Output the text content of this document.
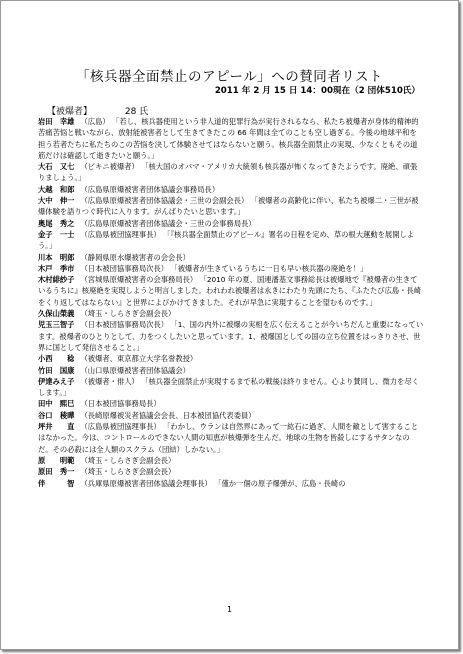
「核兵器全面禁止のアピール」への賛同者リスト
2011 年 2 月 15 日 14：00現在（2 団体510氏）
【被爆者】	28 氏

岩田　幸雄 （広島） 「若し、核兵器使用という非人道的犯罪行為が実行されるなら、私たち被爆者が身体的精神的苦痛苦悩と戦いながら、放射能被害者として生きてきたこの 66 年間は全てのことも空し過ぎる。今後の地球平和を担う若者たちに私たちのこの苦悩を決して体験させてはならないと願う。核兵器全面禁止の実現、少なくともその道筋だけは確認して逝きたいと願う。」

大石　又七 （ビキニ被爆者） 「核大国のオバマ・アメリカ大統領も核兵器が怖くなってきたようです。廃絶、頑張りましょう。」

大越　和郎 （広島県原爆被害者団体協議会事務局長）

大中　伸一 （広島県原爆被害者団体協議会・三世の会副会長） 「被爆者の高齢化に伴い、私たち被爆二・三世が被爆体験を語りつぐ時代に入ります。がんばりたいと思います。」

奥尾　秀之 （広島県原爆被害者団体協議会・三世の会事務局長）

金子　一士 （広島県被団協理事長） 「『核兵器全面禁止のアピール』署名の日程を定め、草の根大運動を展開しよう。」

川本　明郎 （静岡県原水爆被害者の会会長）

木戸　季市 （日本被団協事務局次長） 「被爆者が生きているうちに一日も早い核兵器の廃絶を！」

木村緋紗子 （宮城県原爆被害者の会事務局長） 「2010 年の夏、国連潘基文事務総長は被爆地で『被爆者の生きているうちに』核廃絶を実現しようと明言しました。われわれ被爆者は永きにわたり先頭にたち、『ふたたび広島・長崎をくり返してはならない』と世界によびかけてきました。それが早急に実現することを望むものです。」

久保山榮義 （埼玉・しらさぎ会副会長）

児玉三智子 （日本被団協事務局次長） 「1、国の内外に被爆の実相を広く伝えることが今いちだんと重要になっています。被爆者のひとりとして、力をつくしたいと思っています。1、被爆国としての国の立ち位置をはっきりさせ、世界に国として発信させること。」

小西　　稔 （被爆者、東京都立大学名誉教授）

竹田　国康 （山口県原爆被害者団体協議会）

伊達みえ子 （被爆者・俳人） 「核兵器全面禁止が実現するまで私の戦後は終りません。心より賛同し、微力を尽くします。」

田中　熙巳 （日本被団協事務局長）

谷口　稜曄 （長崎原爆被災者協議会会長、日本被団協代表委員）

坪井　　直 （広島県被団協理事長） 「わかし、ウランは自然界にあって一紘石に過ぎ、人間を敵として害することはなかった。今は、コントロールのできない人間の知恵が核爆弾を生んだ。地球の生物を皆殺しにするサタンなのだ。その必殺には全人類のスクラム（団結）しかない。」

原　　明範 （埼玉・しらさぎ会副会長）

原田　秀一 （埼玉・しらさぎ会副会長）

伴　　　智 （兵庫県原爆被害者団体協議会理事長） 「僅か一個の原子爆弾が、広島・長崎の

1
